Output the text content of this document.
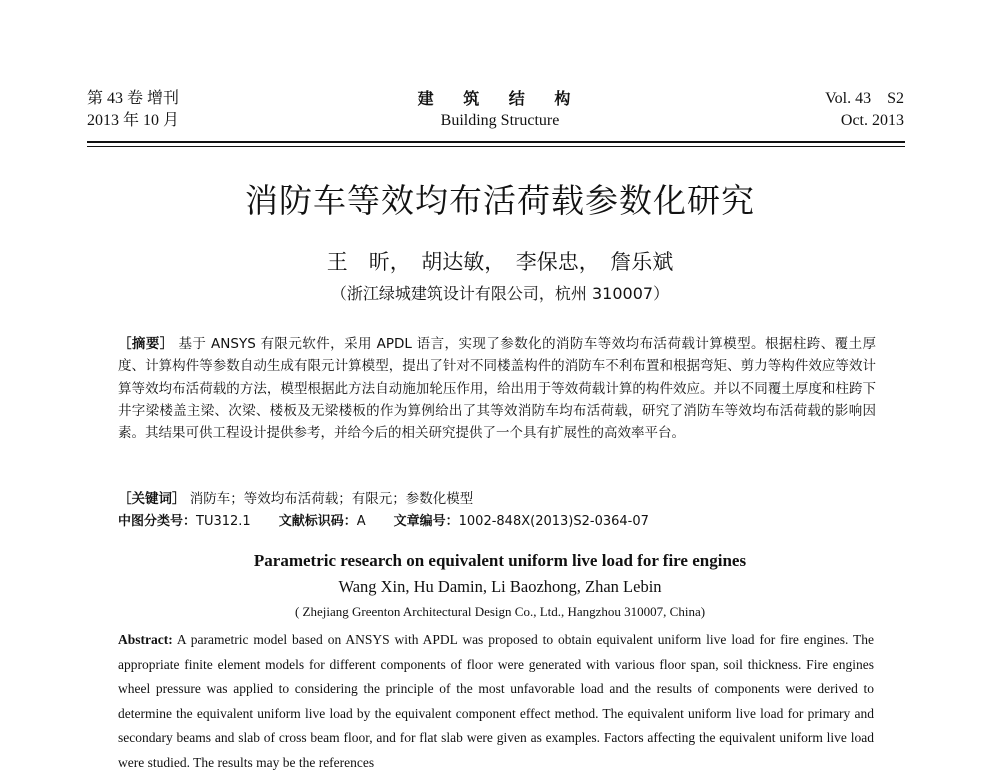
第 43 卷 增刊
2013 年 10 月
建 筑 结 构
Building Structure
Vol. 43    S2
Oct. 2013
消防车等效均布活荷载参数化研究
王　昕，　胡达敏，　李保忠，　詹乐斌
（浙江绿城建筑设计有限公司，杭州 310007）
［摘要］ 基于 ANSYS 有限元软件，采用 APDL 语言，实现了参数化的消防车等效均布活荷载计算模型。根据柱跨、覆土厚度、计算构件等参数自动生成有限元计算模型，提出了针对不同楼盖构件的消防车不利布置和根据弯矩、剪力等构件效应等效计算等效均布活荷载的方法，模型根据此方法自动施加轮压作用，给出用于等效荷载计算的构件效应。并以不同覆土厚度和柱跨下井字梁楼盖主梁、次梁、楼板及无梁楼板的作为算例给出了其等效消防车均布活荷载，研究了消防车等效均布活荷载的影响因素。其结果可供工程设计提供参考，并给今后的相关研究提供了一个具有扩展性的高效率平台。
［关键词］ 消防车；等效均布活荷载；有限元；参数化模型
中图分类号：TU312.1 文献标识码：A 文章编号：1002-848X(2013)S2-0364-07
Parametric research on equivalent uniform live load for fire engines
Wang Xin, Hu Damin, Li Baozhong, Zhan Lebin
( Zhejiang Greenton Architectural Design Co., Ltd., Hangzhou 310007, China)
Abstract: A parametric model based on ANSYS with APDL was proposed to obtain equivalent uniform live load for fire engines. The appropriate finite element models for different components of floor were generated with various floor span, soil thickness. Fire engines wheel pressure was applied to considering the principle of the most unfavorable load and the results of components were derived to determine the equivalent uniform live load by the equivalent component effect method. The equivalent uniform live load for primary and secondary beams and slab of cross beam floor, and for flat slab were given as examples. Factors affecting the equivalent uniform live load were studied. The results may be the references
